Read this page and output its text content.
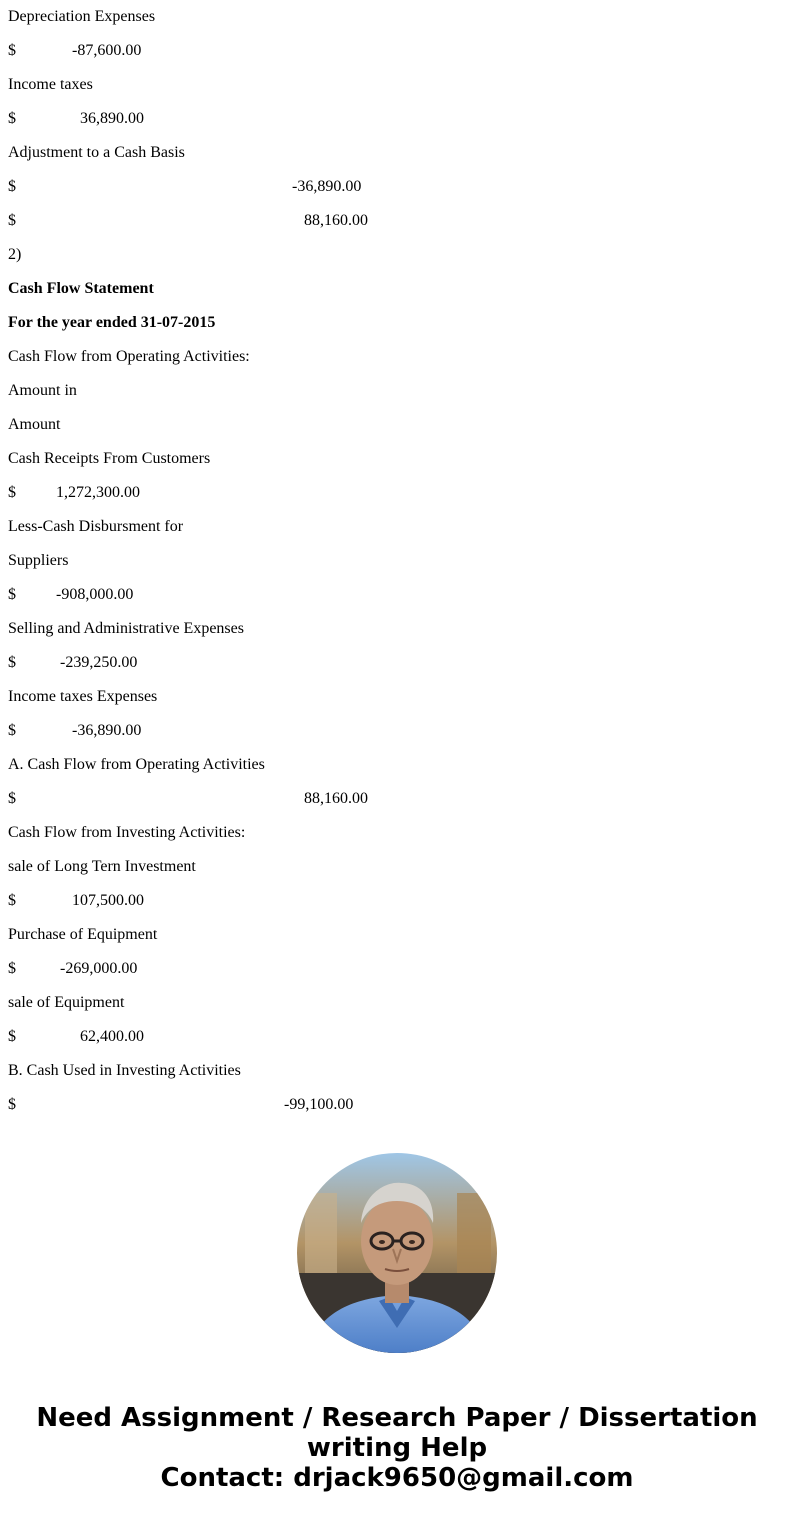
Depreciation Expenses
$	-87,600.00
Income taxes
$	36,890.00
Adjustment to a Cash Basis
$	-36,890.00
$	88,160.00
2)
Cash Flow Statement
For the year ended 31-07-2015
Cash Flow from Operating Activities:
Amount in
Amount
Cash Receipts From Customers
$	1,272,300.00
Less-Cash Disbursment for
Suppliers
$	-908,000.00
Selling and Administrative Expenses
$	-239,250.00
Income taxes Expenses
$	-36,890.00
A. Cash Flow from Operating Activities
$	88,160.00
Cash Flow from Investing Activities:
sale of Long Tern Investment
$	107,500.00
Purchase of Equipment
$	-269,000.00
sale of Equipment
$	62,400.00
B. Cash Used in Investing Activities
$	-99,100.00
Need Assignment / Research Paper / Dissertation
writing Help
Contact: drjack9650@gmail.com
